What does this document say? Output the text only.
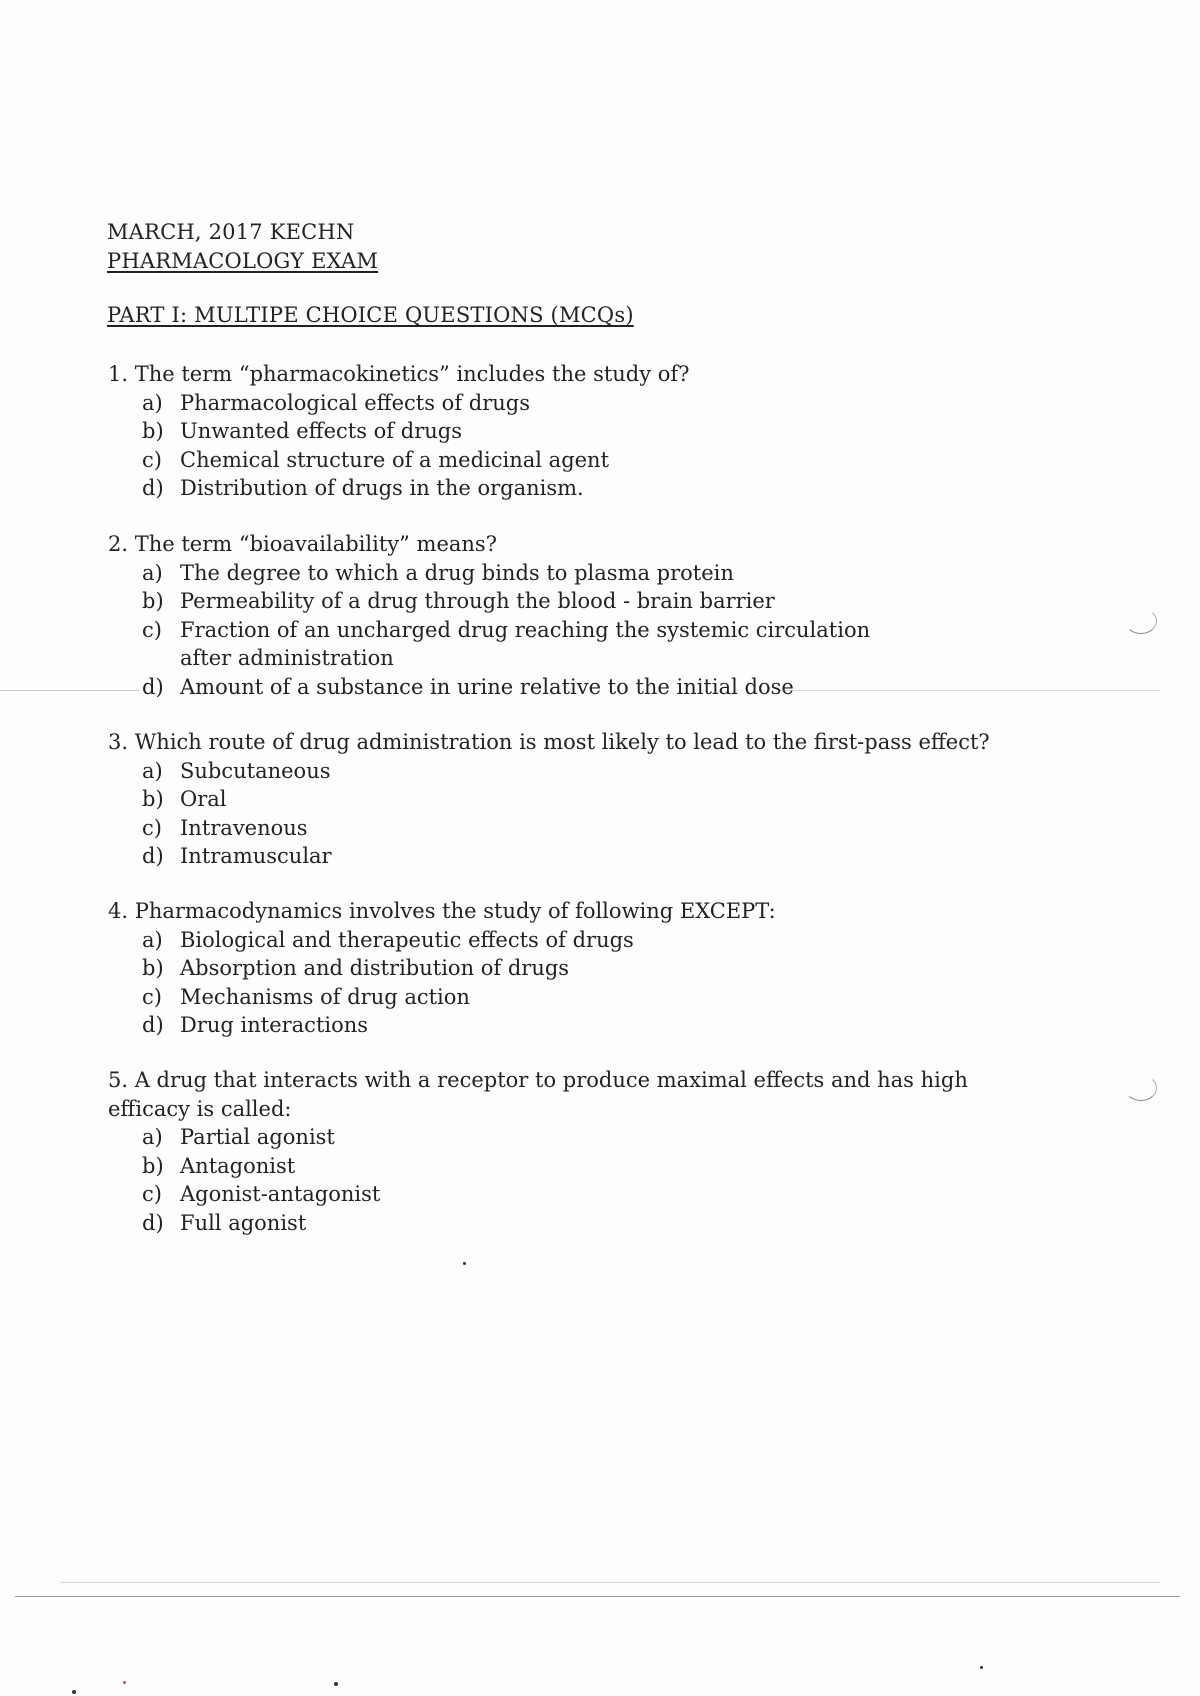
MARCH, 2017 KECHN
PHARMACOLOGY EXAM
PART I: MULTIPE CHOICE QUESTIONS (MCQs)
1. The term “pharmacokinetics” includes the study of?
a) Pharmacological effects of drugs
b) Unwanted effects of drugs
c) Chemical structure of a medicinal agent
d) Distribution of drugs in the organism.
2. The term “bioavailability” means?
a) The degree to which a drug binds to plasma protein
b) Permeability of a drug through the blood - brain barrier
c) Fraction of an uncharged drug reaching the systemic circulation after administration
d) Amount of a substance in urine relative to the initial dose
3. Which route of drug administration is most likely to lead to the first-pass effect?
a) Subcutaneous
b) Oral
c) Intravenous
d) Intramuscular
4. Pharmacodynamics involves the study of following EXCEPT:
a) Biological and therapeutic effects of drugs
b) Absorption and distribution of drugs
c) Mechanisms of drug action
d) Drug interactions
5. A drug that interacts with a receptor to produce maximal effects and has high efficacy is called:
a) Partial agonist
b) Antagonist
c) Agonist-antagonist
d) Full agonist
